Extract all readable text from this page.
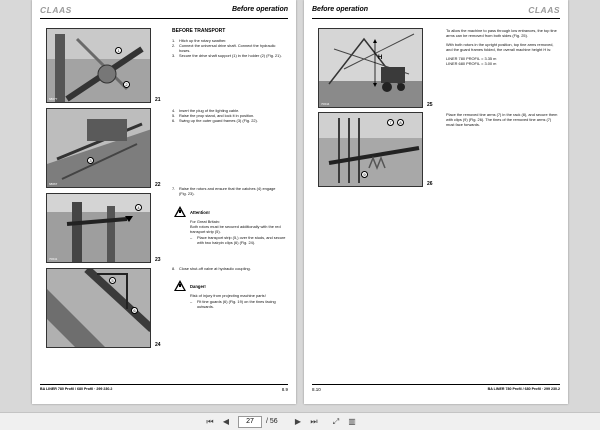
CLAAS	Before operation
1
2
68677	21
3
68667	22
4
70641	23
5
6
24
BEFORE TRANSPORT
1. Hitch up the rotary swather.
2. Connect the universal drive shaft. Connect the hydraulic hoses.
3. Secure the drive shaft support (1) in the holder (2) (Fig. 21).
4. Insert the plug of the lighting cable.
5. Raise the prop stand, and lock it in position.
6. Swing up the outer guard frames (3) (Fig. 22).
7. Raise the rotors and ensure that the catches (4) engage (Fig. 23).
Attention!
For Great Britain:
Both rotors must be secured additionally with the red transport strip (5).
–	Place transport strip (5,) over the studs, and secure with two hairpin clips (6) (Fig. 24).
8. Close shut-off valve at hydraulic coupling.
Danger!
Risk of injury from projecting machine parts!
–	Fit tine guards (6) (Fig. 19) on the tines facing outwards.
BA LINER 780 Profil / 680 Profil · 299 230.2	8.9
Before operation	CLAAS
H
70644	25
7	8
9
26
To allow the machine to pass through low entrances, the top tine arms can be removed from both sides (Fig. 25).
With both rotors in the upright position, top tine arms removed, and the guard frames folded, the overall machine height H is:
LINER 780 PROFIL = 3.35 m
LINER 680 PROFIL = 3.00 m
Place the removed tine arms (7) in the rack (8), and secure them with clips (9) (Fig. 26). The tines of the removed tine arms (7) must face forwards.
8.10	BA LINER 780 Profil / 680 Profil · 299 230.2
⏮	◀	27	/ 56	▶	⏭	⤢	▥
